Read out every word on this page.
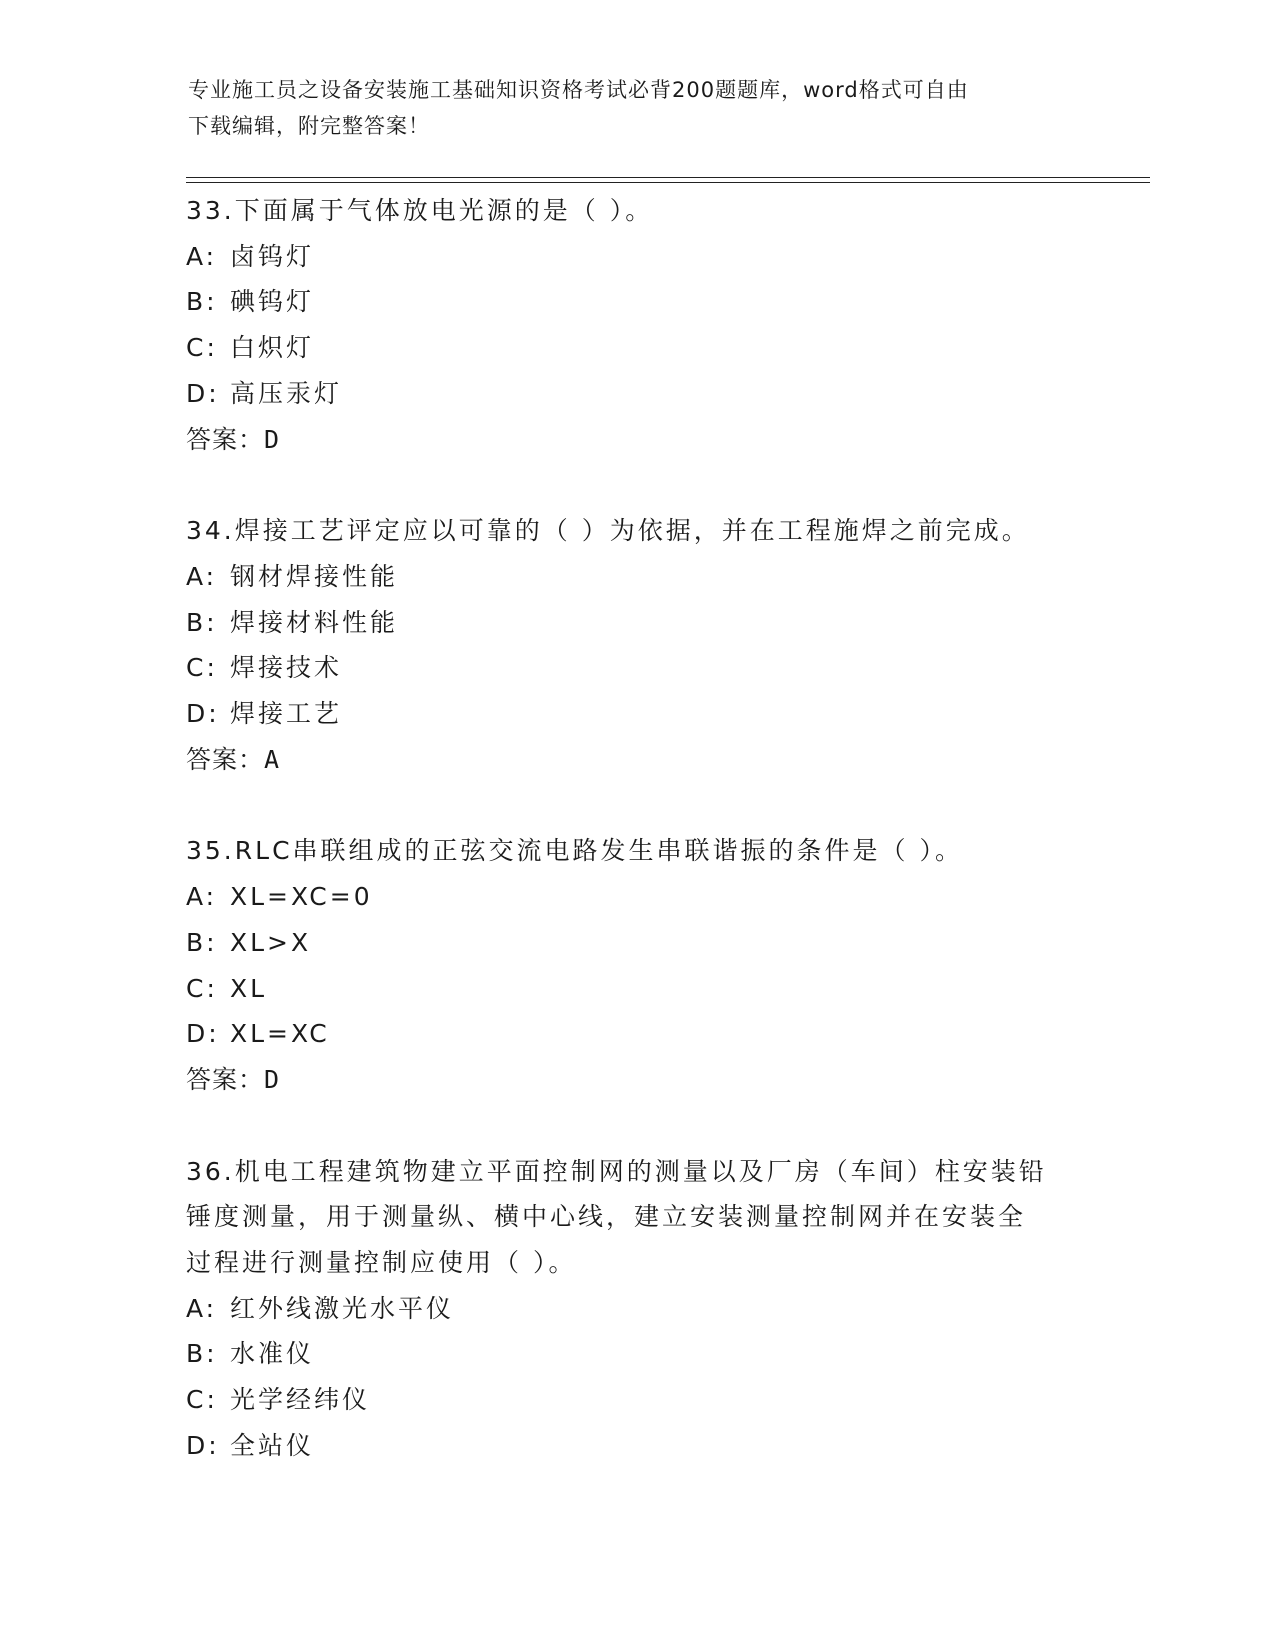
专业施工员之设备安装施工基础知识资格考试必背200题题库，word格式可自由
下载编辑，附完整答案！
33.下面属于气体放电光源的是（ ）。
A: 卤钨灯
B: 碘钨灯
C: 白炽灯
D: 高压汞灯
答案：D
34.焊接工艺评定应以可靠的（ ）为依据，并在工程施焊之前完成。
A: 钢材焊接性能
B: 焊接材料性能
C: 焊接技术
D: 焊接工艺
答案：A
35.RLC串联组成的正弦交流电路发生串联谐振的条件是（ ）。
A: XL=XC=0
B: XL>X
C: XL
D: XL=XC
答案：D
36.机电工程建筑物建立平面控制网的测量以及厂房（车间）柱安装铅
锤度测量，用于测量纵、横中心线，建立安装测量控制网并在安装全
过程进行测量控制应使用（ ）。
A: 红外线激光水平仪
B: 水准仪
C: 光学经纬仪
D: 全站仪
